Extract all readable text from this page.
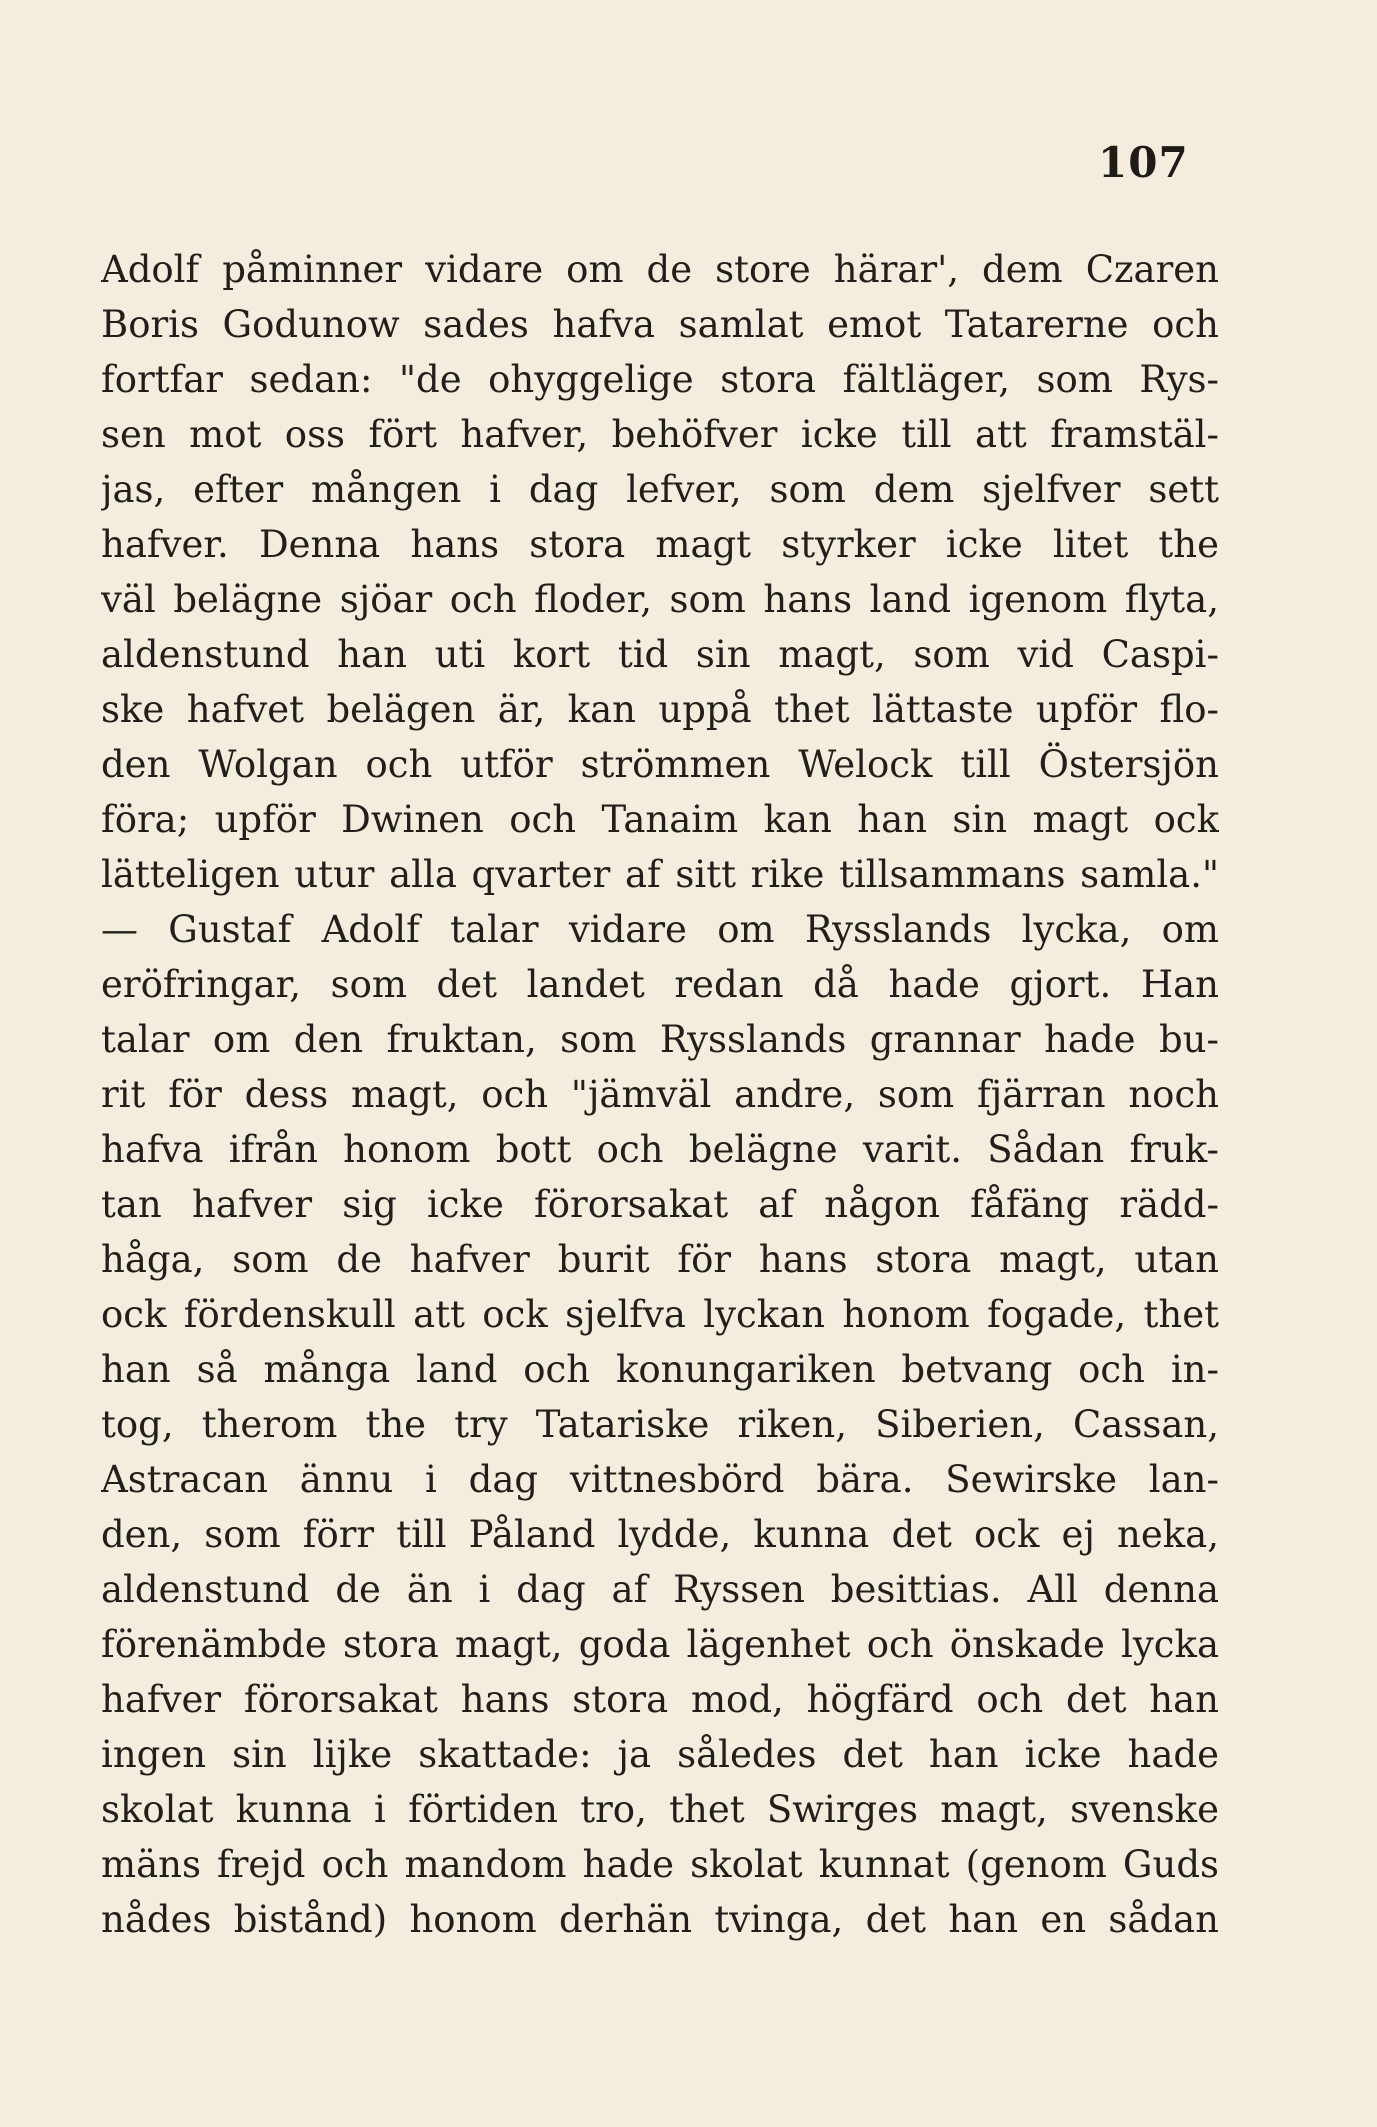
107
Adolf påminner vidare om de store härar', dem Czaren
Boris Godunow sades hafva samlat emot Tatarerne och
fortfar sedan: "de ohyggelige stora fältläger, som Rys-
sen mot oss fört hafver, behöfver icke till att framstäl-
jas, efter mången i dag lefver, som dem sjelfver sett
hafver. Denna hans stora magt styrker icke litet the
väl belägne sjöar och floder, som hans land igenom flyta,
aldenstund han uti kort tid sin magt, som vid Caspi-
ske hafvet belägen är, kan uppå thet lättaste upför flo-
den Wolgan och utför strömmen Welock till Östersjön
föra; upför Dwinen och Tanaim kan han sin magt ock
lätteligen utur alla qvarter af sitt rike tillsammans samla."
— Gustaf Adolf talar vidare om Rysslands lycka, om
eröfringar, som det landet redan då hade gjort. Han
talar om den fruktan, som Rysslands grannar hade bu-
rit för dess magt, och "jämväl andre, som fjärran noch
hafva ifrån honom bott och belägne varit. Sådan fruk-
tan hafver sig icke förorsakat af någon fåfäng rädd-
håga, som de hafver burit för hans stora magt, utan
ock fördenskull att ock sjelfva lyckan honom fogade, thet
han så många land och konungariken betvang och in-
tog, therom the try Tatariske riken, Siberien, Cassan,
Astracan ännu i dag vittnesbörd bära. Sewirske lan-
den, som förr till Påland lydde, kunna det ock ej neka,
aldenstund de än i dag af Ryssen besittias. All denna
förenämbde stora magt, goda lägenhet och önskade lycka
hafver förorsakat hans stora mod, högfärd och det han
ingen sin lijke skattade: ja således det han icke hade
skolat kunna i förtiden tro, thet Swirges magt, svenske
mäns frejd och mandom hade skolat kunnat (genom Guds
nådes bistånd) honom derhän tvinga, det han en sådan
